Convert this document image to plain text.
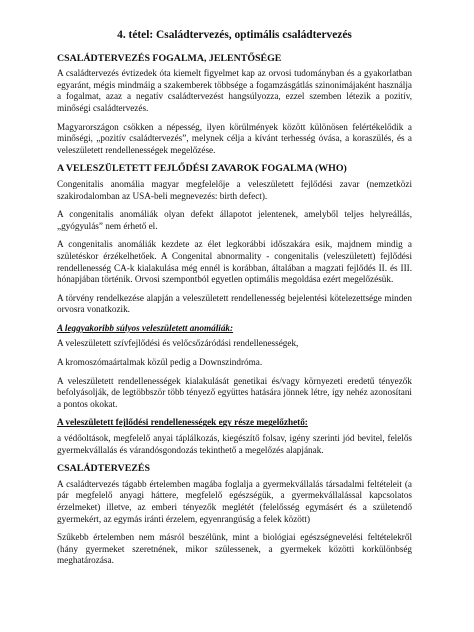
4. tétel: Családtervezés, optimális családtervezés
CSALÁDTERVEZÉS FOGALMA, JELENTŐSÉGE

A családtervezés évtizedek óta kiemelt figyelmet kap az orvosi tudományban és a gyakorlatban egyaránt, mégis mindmáig a szakemberek többsége a fogamzásgátlás szinonimájaként használja a fogalmat, azaz a negatív családtervezést hangsúlyozza, ezzel szemben létezik a pozitív, minőségi családtervezés.

Magyarországon csökken a népesség, ilyen körülmények között különösen felértékelődik a minőségi, „pozitív családtervezés”, melynek célja a kívánt terhesség óvása, a koraszülés, és a veleszületett rendellenességek megelőzése.

A VELESZÜLETETT FEJLŐDÉSI ZAVAROK FOGALMA (WHO)

Congenitalis anomália magyar megfelelője a veleszületett fejlődési zavar (nemzetközi szakirodalomban az USA-beli megnevezés: birth defect).

A congenitalis anomáliák olyan defekt állapotot jelentenek, amelyből teljes helyreállás, „gyógyulás” nem érhető el.

A congenitalis anomáliák kezdete az élet legkorábbi időszakára esik, majdnem mindig a születéskor érzékelhetőek. A Congenital abnormality - congenitalis (veleszületett) fejlődési rendellenesség CA-k kialakulása még ennél is korábban, általában a magzati fejlődés II. és III. hónapjában történik. Orvosi szempontból egyetlen optimális megoldása ezért megelőzésük.

A törvény rendelkezése alapján a veleszületett rendellenesség bejelentési kötelezettsége minden orvosra vonatkozik.

A leggyakoribb súlyos veleszületett anomáliák:

A veleszületett szívfejlődési és velőcsőzáródási rendellenességek,

A kromoszómaártalmak közül pedig a Downszindróma.

A veleszületett rendellenességek kialakulását genetikai és/vagy környezeti eredetű tényezők befolyásolják, de legtöbbször több tényező együttes hatására jönnek létre, így nehéz azonosítani a pontos okokat.

A veleszületett fejlődési rendellenességek egy része megelőzhető:

a védőoltások, megfelelő anyai táplálkozás, kiegészítő folsav, igény szerinti jód bevitel, felelős gyermekvállalás és várandósgondozás tekinthető a megelőzés alapjának.

CSALÁDTERVEZÉS

A családtervezés tágabb értelemben magába foglalja a gyermekvállalás társadalmi feltételeit (a pár megfelelő anyagi háttere, megfelelő egészségük, a gyermekvállalással kapcsolatos érzelmeket) illetve, az emberi tényezők meglétét (felelősség egymásért és a születendő gyermekért, az egymás iránti érzelem, egyenrangúság a felek között)

Szűkebb értelemben nem másról beszélünk, mint a biológiai egészségnevelési feltételekről (hány gyermeket szeretnének, mikor szülessenek, a gyermekek közötti korkülönbség meghatározása.
